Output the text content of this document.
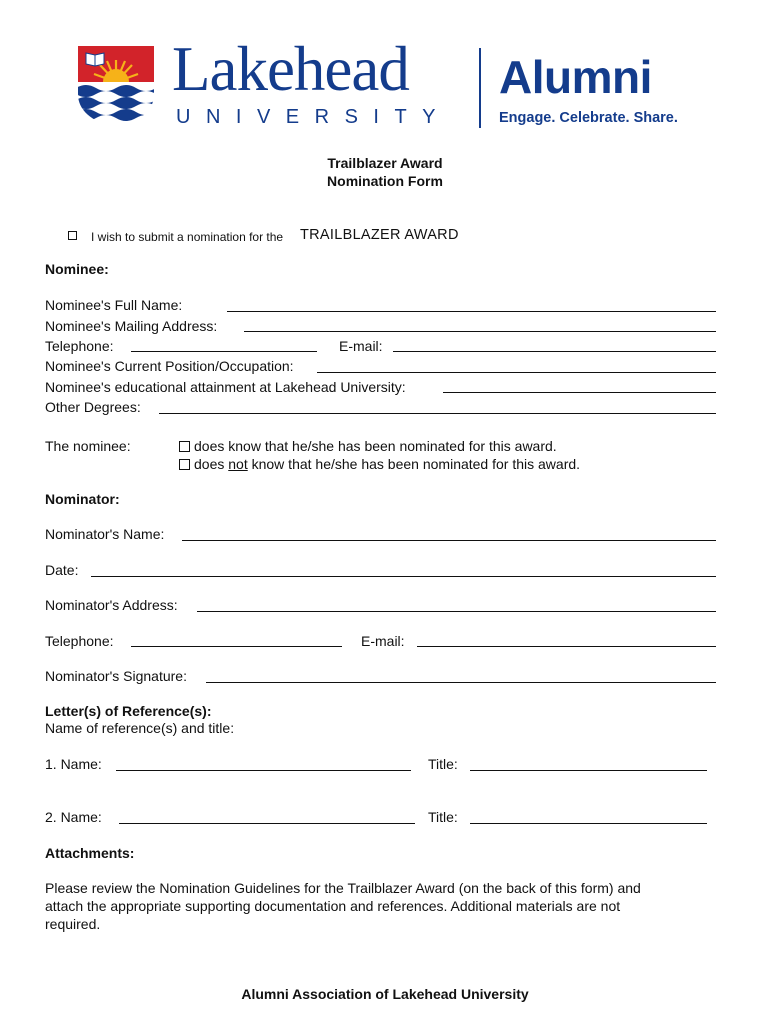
Lakehead
UNIVERSITY
Alumni
Engage. Celebrate. Share.
Trailblazer Award
Nomination Form
I wish to submit a nomination for the TRAILBLAZER AWARD
Nominee:
Nominee's Full Name:
Nominee's Mailing Address:
Telephone:	E-mail:
Nominee's Current Position/Occupation:
Nominee's educational attainment at Lakehead University:
Other Degrees:
The nominee:	does know that he/she has been nominated for this award.
does not know that he/she has been nominated for this award.
Nominator:
Nominator's Name:
Date:
Nominator's Address:
Telephone:	E-mail:
Nominator's Signature:
Letter(s) of Reference(s):
Name of reference(s) and title:
1. Name:	Title:
2. Name:	Title:
Attachments:
Please review the Nomination Guidelines for the Trailblazer Award (on the back of this form) and
attach the appropriate supporting documentation and references. Additional materials are not
required.
Alumni Association of Lakehead University
